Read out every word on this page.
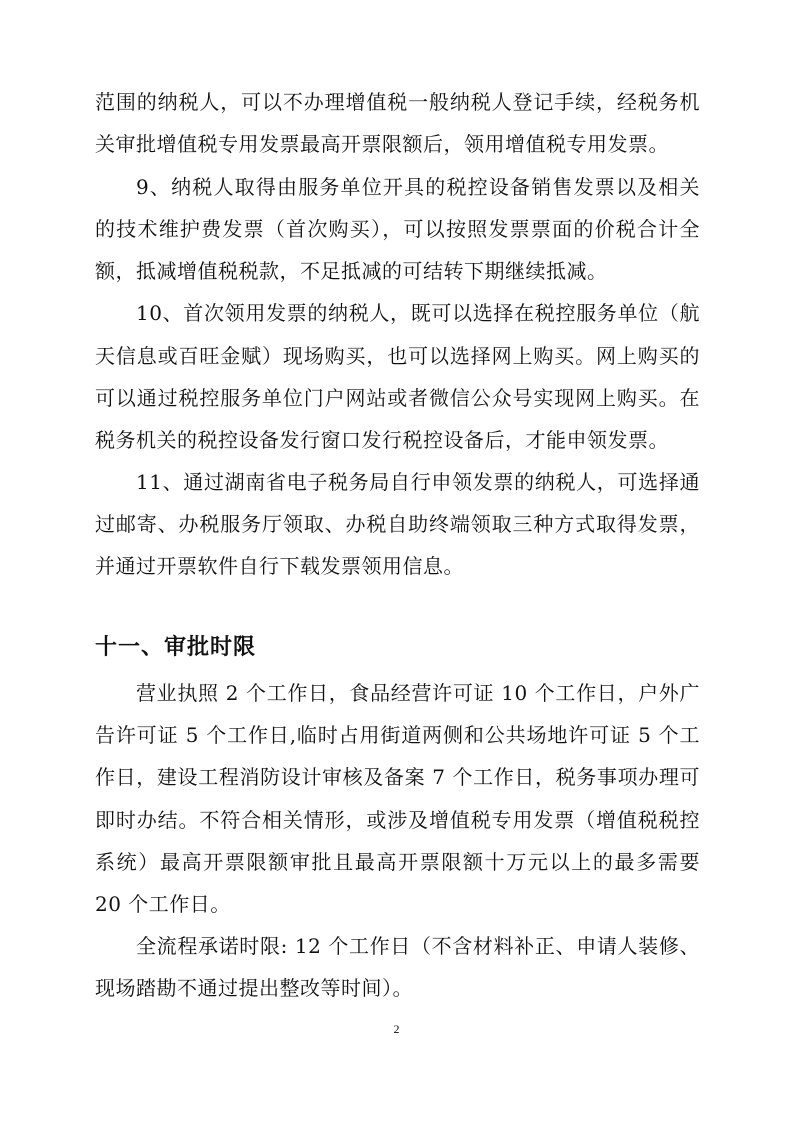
范围的纳税人，可以不办理增值税一般纳税人登记手续，经税务机
关审批增值税专用发票最高开票限额后，领用增值税专用发票。
9、纳税人取得由服务单位开具的税控设备销售发票以及相关
的技术维护费发票（首次购买），可以按照发票票面的价税合计全
额，抵减增值税税款，不足抵减的可结转下期继续抵减。
10、首次领用发票的纳税人，既可以选择在税控服务单位（航
天信息或百旺金赋）现场购买，也可以选择网上购买。网上购买的
可以通过税控服务单位门户网站或者微信公众号实现网上购买。在
税务机关的税控设备发行窗口发行税控设备后，才能申领发票。
11、通过湖南省电子税务局自行申领发票的纳税人，可选择通
过邮寄、办税服务厅领取、办税自助终端领取三种方式取得发票，
并通过开票软件自行下载发票领用信息。
十一、审批时限
营业执照 2 个工作日，食品经营许可证 10 个工作日，户外广
告许可证 5 个工作日,临时占用街道两侧和公共场地许可证 5 个工
作日，建设工程消防设计审核及备案 7 个工作日，税务事项办理可
即时办结。不符合相关情形，或涉及增值税专用发票（增值税税控
系统）最高开票限额审批且最高开票限额十万元以上的最多需要
20 个工作日。
全流程承诺时限: 12 个工作日（不含材料补正、申请人装修、
现场踏勘不通过提出整改等时间）。
2
